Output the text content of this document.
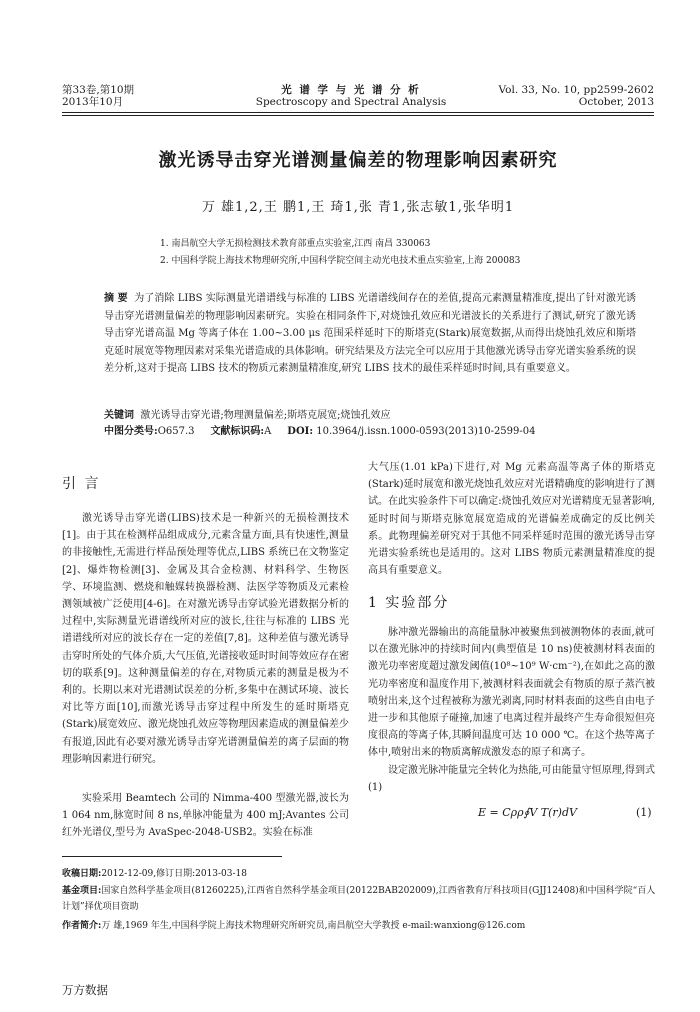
第33卷,第10期
2013年10月
光 谱 学 与 光 谱 分 析
Spectroscopy and Spectral Analysis
Vol. 33, No. 10, pp2599-2602
October, 2013
激光诱导击穿光谱测量偏差的物理影响因素研究
万 雄1,2,王 鹏1,王 琦1,张 青1,张志敏1,张华明1
1. 南昌航空大学无损检测技术教育部重点实验室,江西 南昌 330063
2. 中国科学院上海技术物理研究所,中国科学院空间主动光电技术重点实验室,上海 200083
摘 要 为了消除 LIBS 实际测量光谱谱线与标准的 LIBS 光谱谱线间存在的差值,提高元素测量精准度,提出了针对激光诱导击穿光谱测量偏差的物理影响因素研究。实验在相同条件下,对烧蚀孔效应和光谱波长的关系进行了测试,研究了激光诱导击穿光谱高温 Mg 等离子体在 1.00~3.00 μs 范围采样延时下的斯塔克(Stark)展宽数据,从而得出烧蚀孔效应和斯塔克延时展宽等物理因素对采集光谱造成的具体影响。研究结果及方法完全可以应用于其他激光诱导击穿光谱实验系统的误差分析,这对于提高 LIBS 技术的物质元素测量精准度,研究 LIBS 技术的最佳采样延时时间,具有重要意义。
关键词 激光诱导击穿光谱;物理测量偏差;斯塔克展宽;烧蚀孔效应
中图分类号:O657.3 文献标识码:A DOI: 10.3964/j.issn.1000-0593(2013)10-2599-04
引 言
激光诱导击穿光谱(LIBS)技术是一种新兴的无损检测技术[1]。由于其在检测样品组成成分,元素含量方面,具有快速性,测量的非接触性,无需进行样品预处理等优点,LIBS 系统已在文物鉴定[2]、爆炸物检测[3]、金属及其合金检测、材料科学、生物医学、环境监测、燃烧和触媒转换器检测、法医学等物质及元素检测领域被广泛使用[4-6]。在对激光诱导击穿试验光谱数据分析的过程中,实际测量光谱谱线所对应的波长,往往与标准的 LIBS 光谱谱线所对应的波长存在一定的差值[7,8]。这种差值与激光诱导击穿时所处的气体介质,大气压值,光谱接收延时时间等效应存在密切的联系[9]。这种测量偏差的存在,对物质元素的测量是极为不利的。长期以来对光谱测试误差的分析,多集中在测试环境、波长对比等方面[10],而激光诱导击穿过程中所发生的延时斯塔克(Stark)展宽效应、激光烧蚀孔效应等物理因素造成的测量偏差少有报道,因此有必要对激光诱导击穿光谱测量偏差的离子层面的物理影响因素进行研究。
实验采用 Beamtech 公司的 Nimma-400 型激光器,波长为 1 064 nm,脉宽时间 8 ns,单脉冲能量为 400 mJ;Avantes 公司红外光谱仪,型号为 AvaSpec-2048-USB2。实验在标准
大气压(1.01 kPa)下进行,对 Mg 元素高温等离子体的斯塔克(Stark)延时展宽和激光烧蚀孔效应对光谱精确度的影响进行了测试。在此实验条件下可以确定:烧蚀孔效应对光谱精度无显著影响,延时时间与斯塔克脉宽展宽造成的光谱偏差成确定的反比例关系。此物理偏差研究对于其他不同采样延时范围的激光诱导击穿光谱实验系统也是适用的。这对 LIBS 物质元素测量精准度的提高具有重要意义。
1 实验部分
脉冲激光器输出的高能量脉冲被聚焦到被测物体的表面,就可以在激光脉冲的持续时间内(典型值是 10 ns)使被测材料表面的激光功率密度超过激发阈值(10⁸~10⁹ W·cm⁻²),在如此之高的激光功率密度和温度作用下,被测材料表面就会有物质的原子蒸汽被喷射出来,这个过程被称为激光剥离,同时材料表面的这些自由电子进一步和其他原子碰撞,加速了电离过程并最终产生寿命很短但亮度很高的等离子体,其瞬间温度可达 10 000 ℃。在这个热等离子体中,喷射出来的物质离解成激发态的原子和离子。
设定激光脉冲能量完全转化为热能,可由能量守恒原理,得到式(1)
E = Cρρ∮V T(r)dV	(1)
收稿日期:2012-12-09,修订日期:2013-03-18
基金项目:国家自然科学基金项目(81260225),江西省自然科学基金项目(20122BAB202009),江西省教育厅科技项目(GJJ12408)和中国科学院“百人计划”择优项目资助
作者简介:万 雄,1969 年生,中国科学院上海技术物理研究所研究员,南昌航空大学教授 e-mail:wanxiong@126.com
万方数据
